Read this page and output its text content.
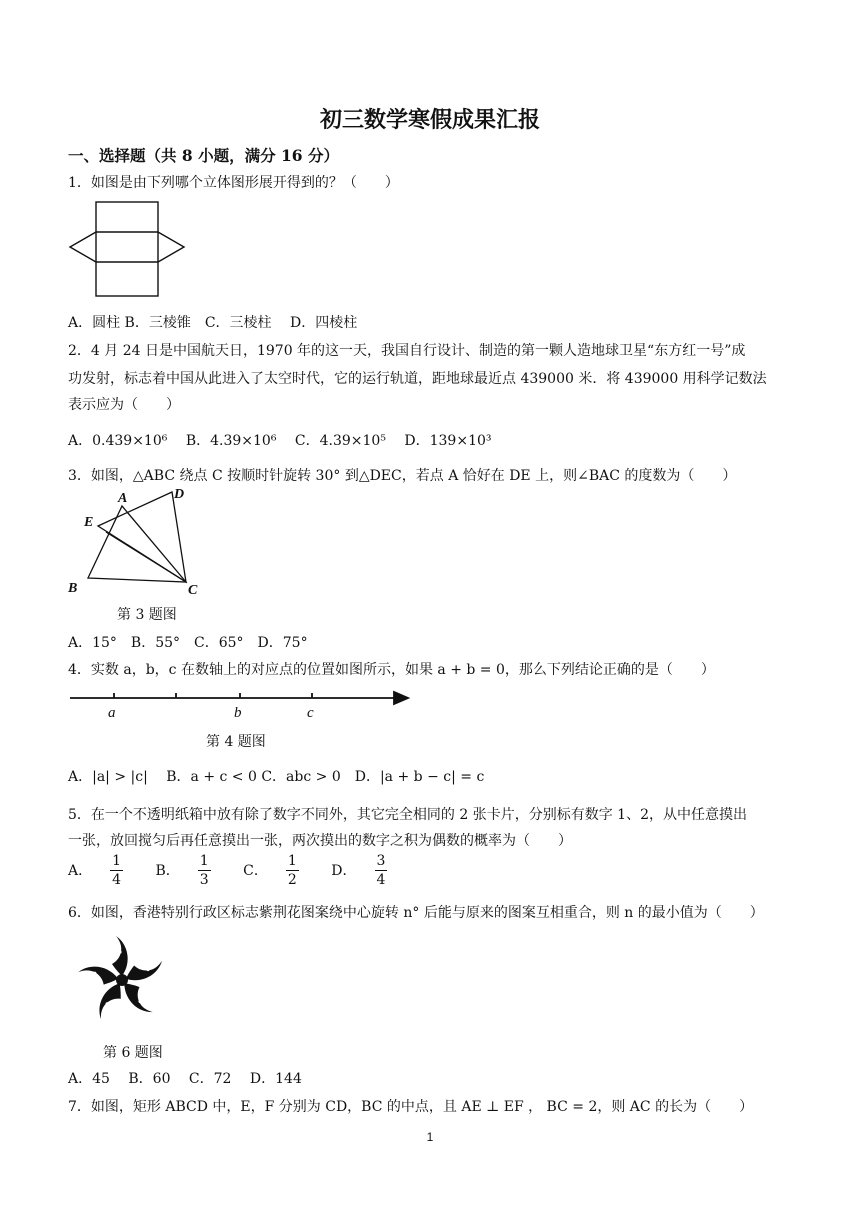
初三数学寒假成果汇报
一、选择题（共 8 小题，满分 16 分）
1．如图是由下列哪个立体图形展开得到的？（　　）
A．圆柱 B．三棱锥　C．三棱柱　 D．四棱柱
2．4 月 24 日是中国航天日，1970 年的这一天，我国自行设计、制造的第一颗人造地球卫星“东方红一号”成
功发射，标志着中国从此进入了太空时代，它的运行轨道，距地球最近点 439000 米．将 439000 用科学记数法
表示应为（　　）
A．0.439×10⁶ B．4.39×10⁶ C．4.39×10⁵ D．139×10³
3．如图，△ABC 绕点 C 按顺时针旋转 30° 到△DEC，若点 A 恰好在 DE 上，则∠BAC 的度数为（　　）
A	D
E
B	C
第 3 题图
A．15°　B．55°　C．65°　D．75°
4．实数 a，b，c 在数轴上的对应点的位置如图所示，如果 a + b = 0，那么下列结论正确的是（　　）
a	b	c
第 4 题图
A．|a| > |c|　 B．a + c < 0 C．abc > 0　D．|a + b − c| = c
5．在一个不透明纸箱中放有除了数字不同外，其它完全相同的 2 张卡片，分别标有数字 1、2，从中任意摸出
一张，放回搅匀后再任意摸出一张，两次摸出的数字之积为偶数的概率为（　　）
A． $\frac{1}{4}$ B． $\frac{1}{3}$ C． $\frac{1}{2}$ D． $\frac{3}{4}$
6．如图，香港特别行政区标志紫荆花图案绕中心旋转 n° 后能与原来的图案互相重合，则 n 的最小值为（　　）
第 6 题图
A．45　 B．60　 C．72　 D．144
7．如图，矩形 ABCD 中，E，F 分别为 CD，BC 的中点，且 AE ⊥ EF ， BC = 2，则 AC 的长为（　　）
1
